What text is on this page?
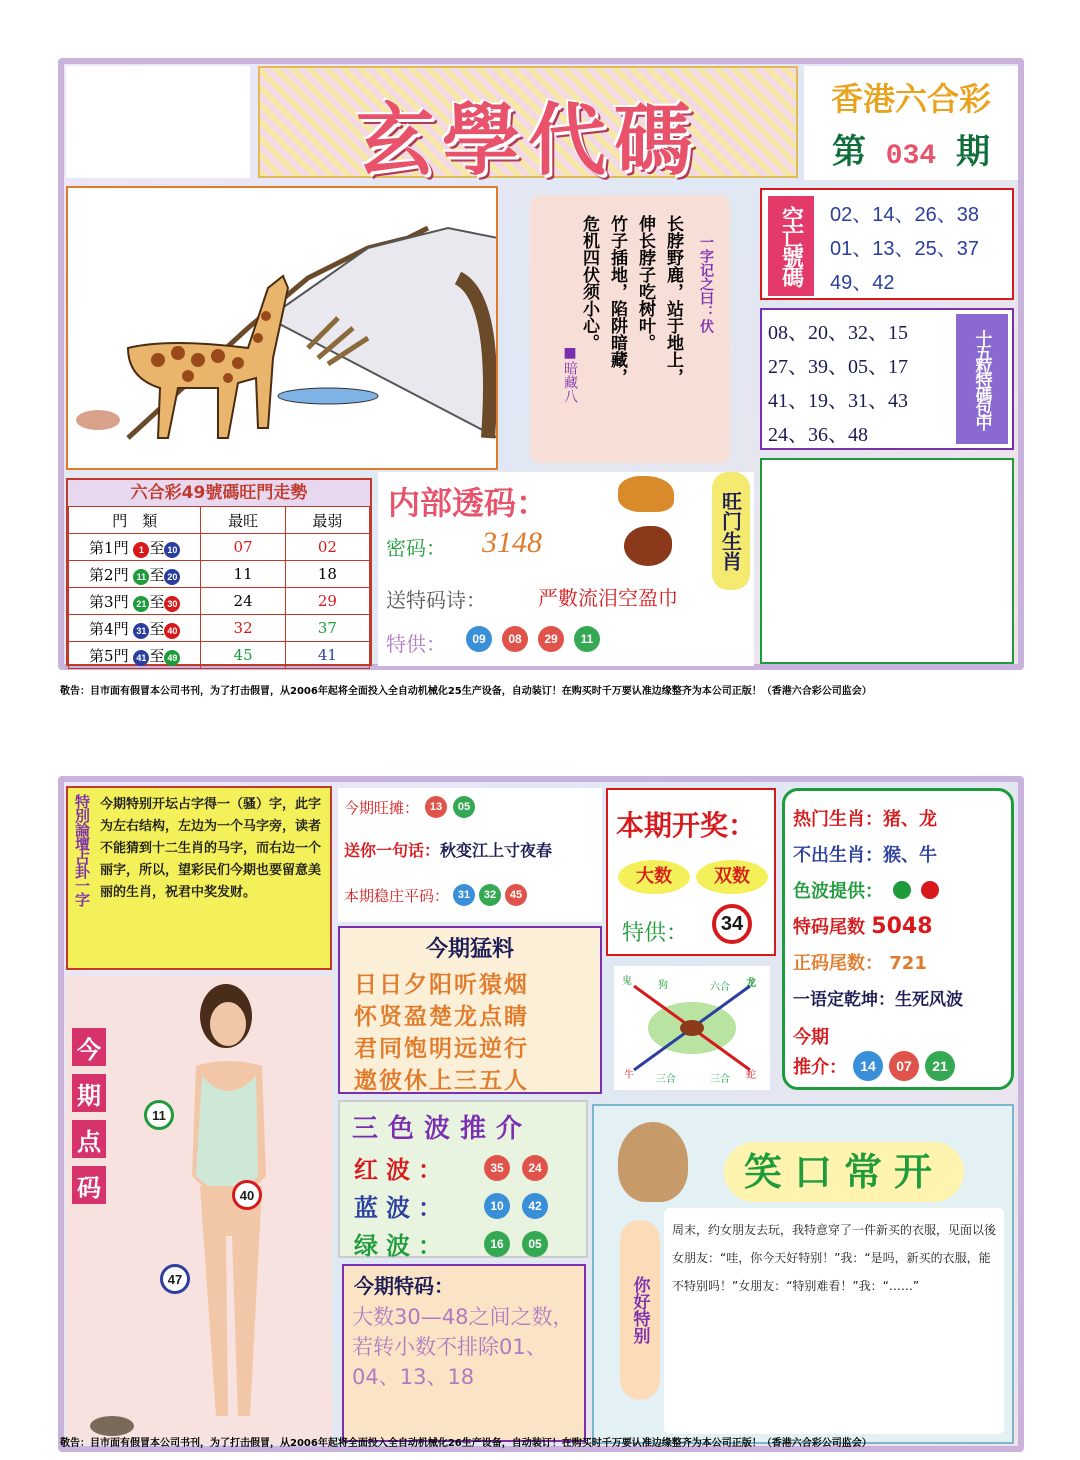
玄學代碼	香港六合彩
第 034 期
一字记之曰：伏
长脖野鹿，站于地上，
伸长脖子吃树叶。
竹子插地，陷阱暗藏，
危机四伏须小心。
■暗藏八
空亡號碼	02、14、26、38
01、13、25、37
49、42
08、20、32、15
27、39、05、17
41、19、31、43
24、36、48
十五粒特碼包中
六合彩49號碼旺門走勢
門　類	最旺	最弱
第1門 1 至 10	07	02
第2門 11 至 20	11	18
第3門 21 至 30	24	29
第4門 31 至 40	32	37
第5門 41 至 49	45	41
内部透码：
密码： 3148
送特码诗：	严數流泪空盈巾
特供：	09	08	29	11
旺门生肖
敬告：目市面有假冒本公司书刊，为了打击假冒，从2006年起将全面投入全自动机械化25生产设备，自动装订！在购买时千万要认准边缘整齐为本公司正版！（香港六合彩公司监会）
特別論壇占卦一字 今期特别开坛占字得一（骚）字，此字为左右结构，左边为一个马字旁，读者不能猜到十二生肖的马字，而右边一个丽字，所以，望彩民们今期也要留意美丽的生肖，祝君中奖发财。
今期旺摊： 13	05
送你一句话：秋变江上寸夜春
本期稳庄平码： 31	32	45
本期开奖：
大数	双数
特供：	34
热门生肖：猪、龙
不出生肖：猴、牛
色波提供：
特码尾数 5048
正码尾数： 721
一语定乾坤：生死风波
今期
推介： 14	07	21
今期猛料
日日夕阳听猿烟
怀贤盈楚龙点睛
君同饱明远逆行
遨彼休上三五人
鬼	狗	六合 龙
牛 三合	三合 蛇
今
期
点
码
11
40
47
三色波推介
红波：	35	24
蓝波：	10	42
绿波：	16	05
今期特码：
大数30—48之间之数，若转小数不排除01、04、13、18
笑口常开
你好特别
周末，约女朋友去玩，我特意穿了一件新买的衣服，见面以後女朋友：“哇，你今天好特别！”我：“是吗，新买的衣服，能不特别吗！”女朋友：“特别难看！”我：“……”
敬告：目市面有假冒本公司书刊，为了打击假冒，从2006年起将全面投入全自动机械化26生产设备，自动装订！在购买时千万要认准边缘整齐为本公司正版！（香港六合彩公司监会）
